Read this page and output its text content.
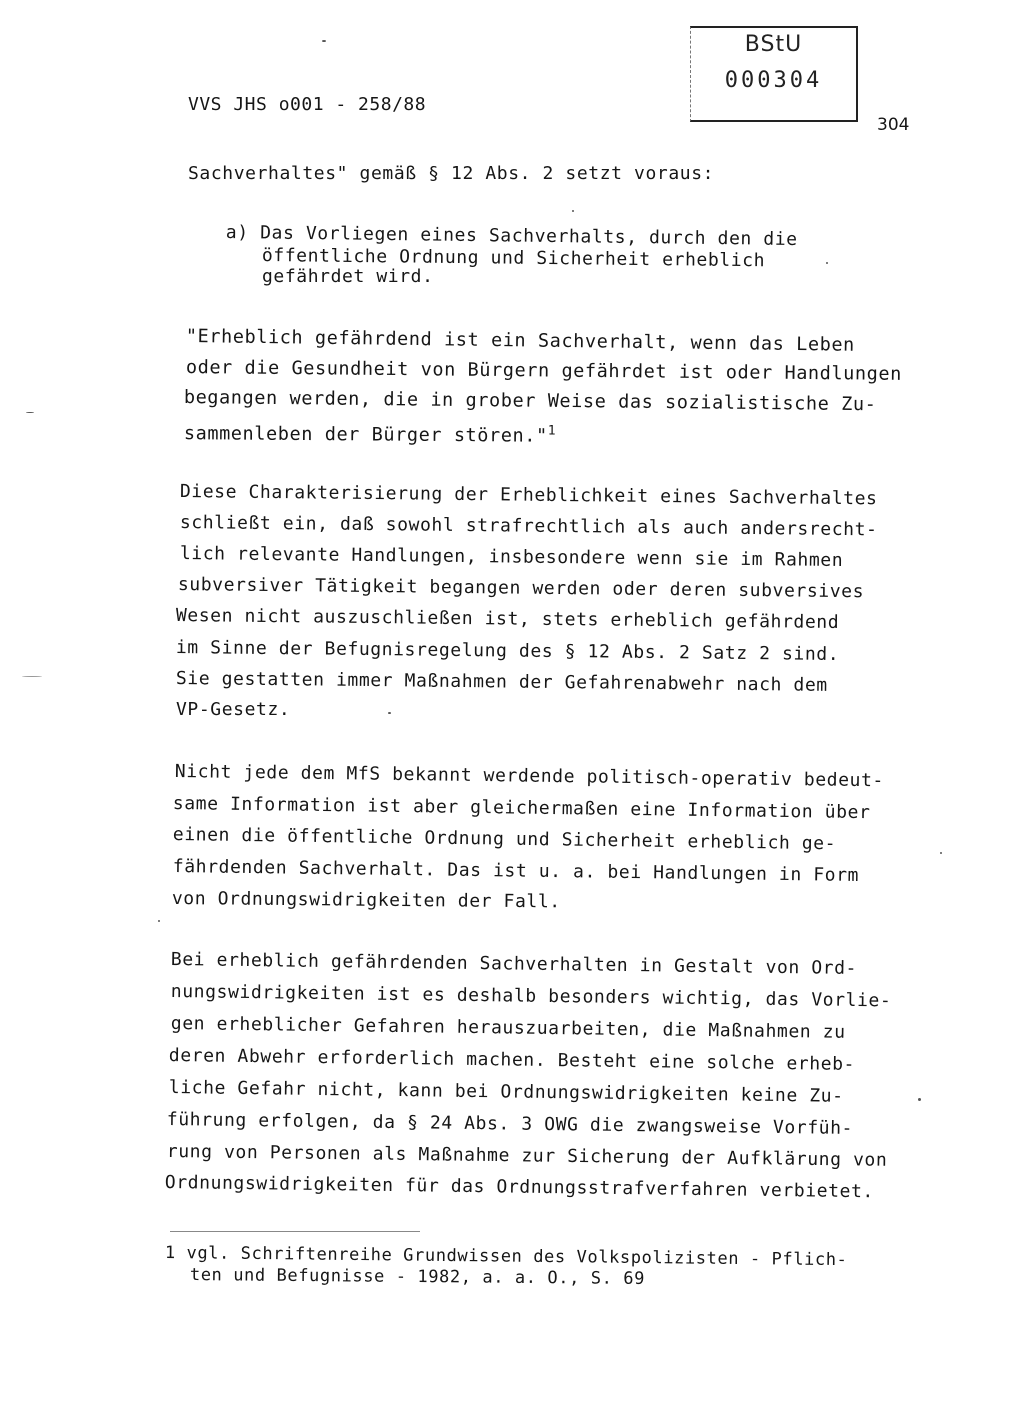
BStU
000304
VVS JHS o001 - 258/88
304
Sachverhaltes" gemäß § 12 Abs. 2 setzt voraus:
a) Das Vorliegen eines Sachverhalts, durch den die
öffentliche Ordnung und Sicherheit erheblich
gefährdet wird.
"Erheblich gefährdend ist ein Sachverhalt, wenn das Leben
oder die Gesundheit von Bürgern gefährdet ist oder Handlungen
begangen werden, die in grober Weise das sozialistische Zu-
sammenleben der Bürger stören."$^1$
Diese Charakterisierung der Erheblichkeit eines Sachverhaltes
schließt ein, daß sowohl strafrechtlich als auch andersrecht-
lich relevante Handlungen, insbesondere wenn sie im Rahmen
subversiver Tätigkeit begangen werden oder deren subversives
Wesen nicht auszuschließen ist, stets erheblich gefährdend
im Sinne der Befugnisregelung des § 12 Abs. 2 Satz 2 sind.
Sie gestatten immer Maßnahmen der Gefahrenabwehr nach dem
VP-Gesetz.
Nicht jede dem MfS bekannt werdende politisch-operativ bedeut-
same Information ist aber gleichermaßen eine Information über
einen die öffentliche Ordnung und Sicherheit erheblich ge-
fährdenden Sachverhalt. Das ist u. a. bei Handlungen in Form
von Ordnungswidrigkeiten der Fall.
Bei erheblich gefährdenden Sachverhalten in Gestalt von Ord-
nungswidrigkeiten ist es deshalb besonders wichtig, das Vorlie-
gen erheblicher Gefahren herauszuarbeiten, die Maßnahmen zu
deren Abwehr erforderlich machen. Besteht eine solche erheb-
liche Gefahr nicht, kann bei Ordnungswidrigkeiten keine Zu-
führung erfolgen, da § 24 Abs. 3 OWG die zwangsweise Vorfüh-
rung von Personen als Maßnahme zur Sicherung der Aufklärung von
Ordnungswidrigkeiten für das Ordnungsstrafverfahren verbietet.
1 vgl. Schriftenreihe Grundwissen des Volkspolizisten - Pflich-
ten und Befugnisse - 1982, a. a. O., S. 69
